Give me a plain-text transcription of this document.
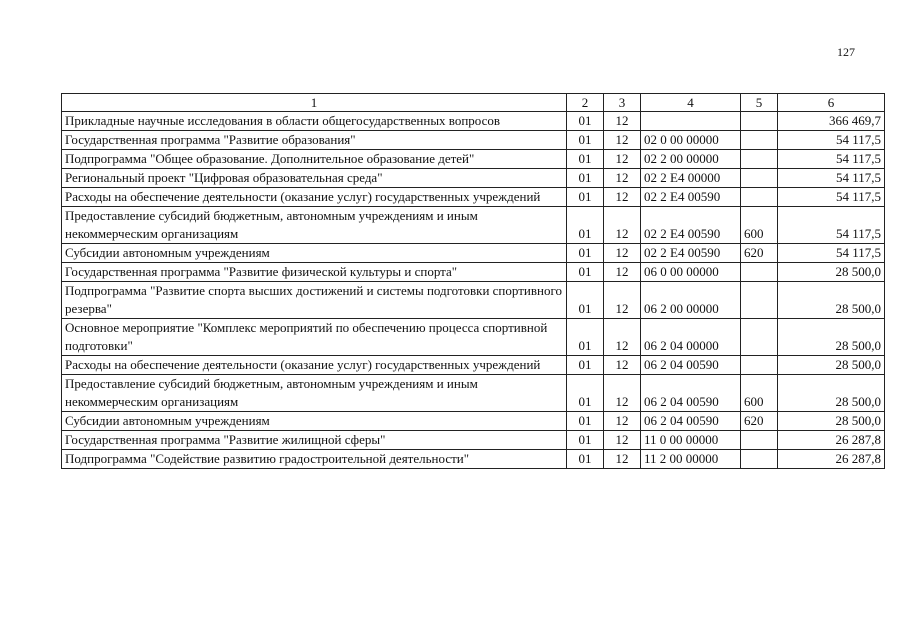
127
1	2	3	4	5	6
Прикладные научные исследования в области общегосударственных вопросов	01	12			366 469,7
Государственная программа "Развитие образования"	01	12	02 0 00 00000		54 117,5
Подпрограмма "Общее образование. Дополнительное образование детей"	01	12	02 2 00 00000		54 117,5
Региональный проект "Цифровая образовательная среда"	01	12	02 2 E4 00000		54 117,5
Расходы на обеспечение деятельности (оказание услуг) государственных учреждений	01	12	02 2 E4 00590		54 117,5
Предоставление субсидий бюджетным, автономным учреждениям и иным некоммерческим организациям	01	12	02 2 E4 00590	600	54 117,5
Субсидии автономным учреждениям	01	12	02 2 E4 00590	620	54 117,5
Государственная программа "Развитие физической культуры и спорта"	01	12	06 0 00 00000		28 500,0
Подпрограмма "Развитие спорта высших достижений и системы подготовки спортивного резерва"	01	12	06 2 00 00000		28 500,0
Основное мероприятие "Комплекс мероприятий по обеспечению процесса спортивной подготовки"	01	12	06 2 04 00000		28 500,0
Расходы на обеспечение деятельности (оказание услуг) государственных учреждений	01	12	06 2 04 00590		28 500,0
Предоставление субсидий бюджетным, автономным учреждениям и иным некоммерческим организациям	01	12	06 2 04 00590	600	28 500,0
Субсидии автономным учреждениям	01	12	06 2 04 00590	620	28 500,0
Государственная программа "Развитие жилищной сферы"	01	12	11 0 00 00000		26 287,8
Подпрограмма "Содействие развитию градостроительной деятельности"	01	12	11 2 00 00000		26 287,8
